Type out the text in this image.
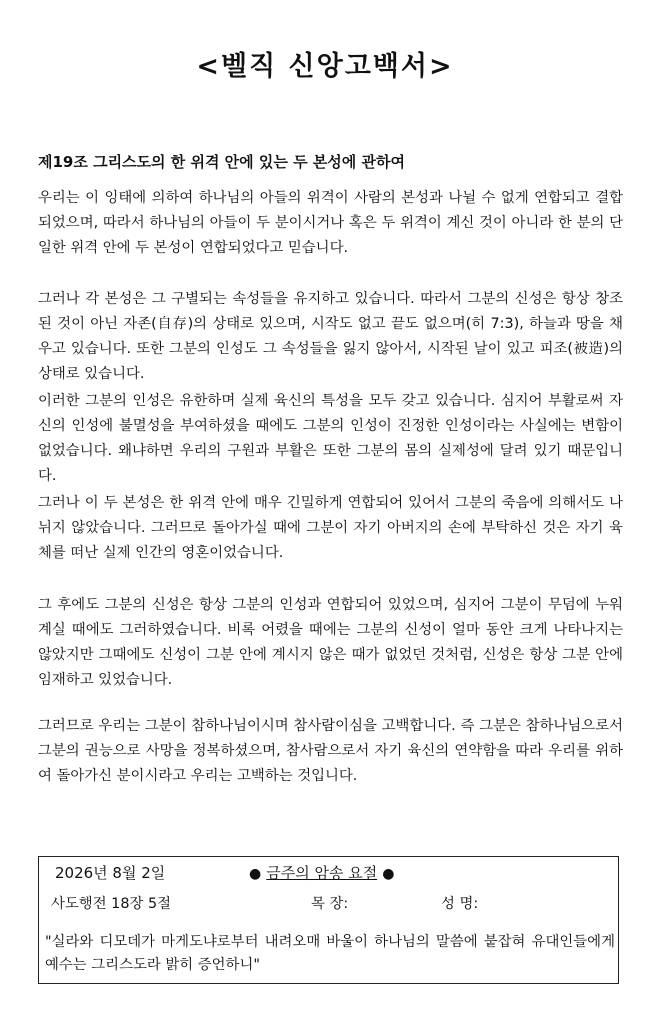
<벨직 신앙고백서>
제19조 그리스도의 한 위격 안에 있는 두 본성에 관하여

우리는 이 잉태에 의하여 하나님의 아들의 위격이 사람의 본성과 나뉠 수 없게 연합되고 결합되었으며, 따라서 하나님의 아들이 두 분이시거나 혹은 두 위격이 계신 것이 아니라 한 분의 단일한 위격 안에 두 본성이 연합되었다고 믿습니다.

그러나 각 본성은 그 구별되는 속성들을 유지하고 있습니다. 따라서 그분의 신성은 항상 창조된 것이 아닌 자존(自存)의 상태로 있으며, 시작도 없고 끝도 없으며(히 7:3), 하늘과 땅을 채우고 있습니다. 또한 그분의 인성도 그 속성들을 잃지 않아서, 시작된 날이 있고 피조(被造)의 상태로 있습니다.

이러한 그분의 인성은 유한하며 실제 육신의 특성을 모두 갖고 있습니다. 심지어 부활로써 자신의 인성에 불멸성을 부여하셨을 때에도 그분의 인성이 진정한 인성이라는 사실에는 변함이 없었습니다. 왜냐하면 우리의 구원과 부활은 또한 그분의 몸의 실제성에 달려 있기 때문입니다.

그러나 이 두 본성은 한 위격 안에 매우 긴밀하게 연합되어 있어서 그분의 죽음에 의해서도 나뉘지 않았습니다. 그러므로 돌아가실 때에 그분이 자기 아버지의 손에 부탁하신 것은 자기 육체를 떠난 실제 인간의 영혼이었습니다.

그 후에도 그분의 신성은 항상 그분의 인성과 연합되어 있었으며, 심지어 그분이 무덤에 누워 계실 때에도 그러하였습니다. 비록 어렸을 때에는 그분의 신성이 얼마 동안 크게 나타나지는 않았지만 그때에도 신성이 그분 안에 계시지 않은 때가 없었던 것처럼, 신성은 항상 그분 안에 임재하고 있었습니다.

그러므로 우리는 그분이 참하나님이시며 참사람이심을 고백합니다. 즉 그분은 참하나님으로서 그분의 권능으로 사망을 정복하셨으며, 참사람으로서 자기 육신의 연약함을 따라 우리를 위하여 돌아가신 분이시라고 우리는 고백하는 것입니다.

2026년 8월 2일	● 금주의 암송 요절 ●
사도행전 18장 5절	목 장:	성 명:

"실라와 디모데가 마게도냐로부터 내려오매 바울이 하나님의 말씀에 붙잡혀 유대인들에게 예수는 그리스도라 밝히 증언하니"
